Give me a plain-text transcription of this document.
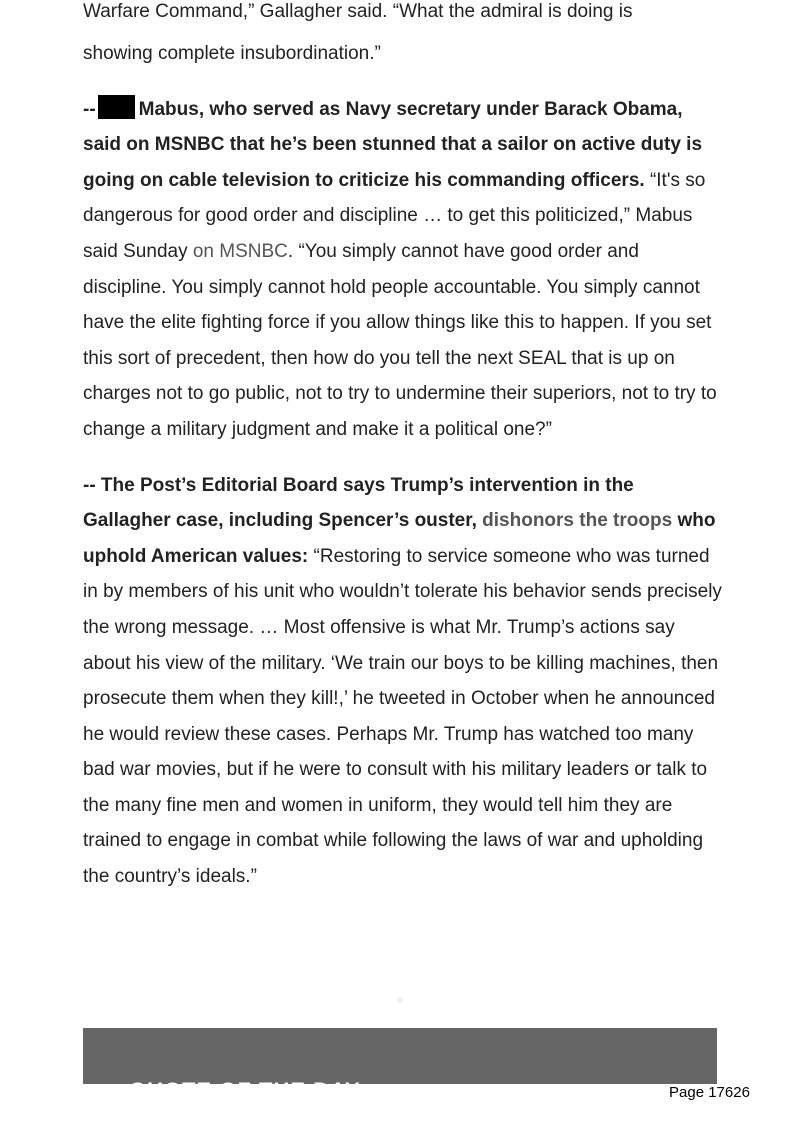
Warfare Command,” Gallagher said. “What the admiral is doing is

showing complete insubordination.”

-- Mabus, who served as Navy secretary under Barack Obama, said on MSNBC that he’s been stunned that a sailor on active duty is going on cable television to criticize his commanding officers. “It's so dangerous for good order and discipline … to get this politicized,” Mabus said Sunday on MSNBC. “You simply cannot have good order and discipline. You simply cannot hold people accountable. You simply cannot have the elite fighting force if you allow things like this to happen. If you set this sort of precedent, then how do you tell the next SEAL that is up on charges not to go public, not to try to undermine their superiors, not to try to change a military judgment and make it a political one?”

-- The Post’s Editorial Board says Trump’s intervention in the Gallagher case, including Spencer’s ouster, dishonors the troops who uphold American values: “Restoring to service someone who was turned in by members of his unit who wouldn’t tolerate his behavior sends precisely the wrong message. … Most offensive is what Mr. Trump’s actions say about his view of the military. ‘We train our boys to be killing machines, then prosecute them when they kill!,’ he tweeted in October when he announced he would review these cases. Perhaps Mr. Trump has watched too many bad war movies, but if he were to consult with his military leaders or talk to the many fine men and women in uniform, they would tell him they are trained to engage in combat while following the laws of war and upholding the country’s ideals.”

QUOTE OF THE DAY	Page 17626
